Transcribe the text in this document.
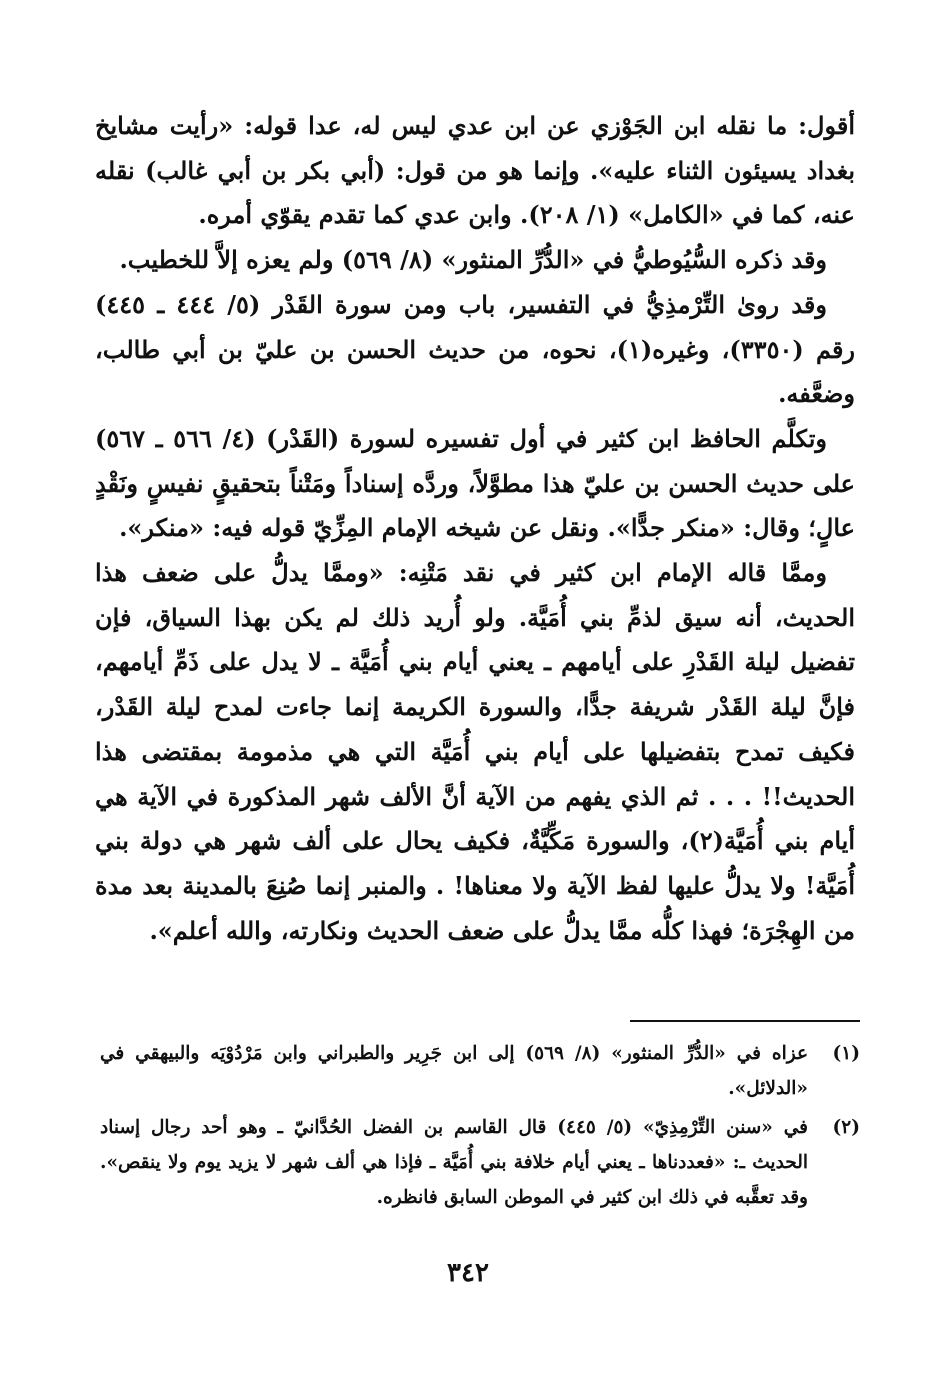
أقول: ما نقله ابن الجَوْزي عن ابن عدي ليس له، عدا قوله: «رأيت مشايخ بغداد يسيئون الثناء عليه». وإنما هو من قول: (أبي بكر بن أبي غالب) نقله عنه، كما في «الكامل» (١/ ٢٠٨). وابن عدي كما تقدم يقوّي أمره.

وقد ذكره السُّيُوطيُّ في «الدُّرِّ المنثور» (٨/ ٥٦٩) ولم يعزه إلاَّ للخطيب.

وقد روىٰ التِّرْمذِيُّ في التفسير، باب ومن سورة القَدْر (٥/ ٤٤٤ ـ ٤٤٥) رقم (٣٣٥٠)، وغيره(١)، نحوه، من حديث الحسن بن عليّ بن أبي طالب، وضعَّفه.

وتكلَّم الحافظ ابن كثير في أول تفسيره لسورة (القَدْر) (٤/ ٥٦٦ ـ ٥٦٧) على حديث الحسن بن عليّ هذا مطوَّلاً، وردَّه إسناداً ومَتْناً بتحقيقٍ نفيسٍ ونَقْدٍ عالٍ؛ وقال: «منكر جدًّا». ونقل عن شيخه الإمام المِزِّيّ قوله فيه: «منكر».

وممَّا قاله الإمام ابن كثير في نقد مَتْنِه: «وممَّا يدلُّ على ضعف هذا الحديث، أنه سيق لذمِّ بني أُمَيَّة. ولو أُريد ذلك لم يكن بهذا السياق، فإن تفضيل ليلة القَدْرِ على أيامهم ـ يعني أيام بني أُمَيَّة ـ لا يدل على ذَمِّ أيامهم، فإنَّ ليلة القَدْر شريفة جدًّا، والسورة الكريمة إنما جاءت لمدح ليلة القَدْر، فكيف تمدح بتفضيلها على أيام بني أُمَيَّة التي هي مذمومة بمقتضى هذا الحديث!! . . . ثم الذي يفهم من الآية أنَّ الألف شهر المذكورة في الآية هي أيام بني أُمَيَّة(٢)، والسورة مَكِّيَّةٌ، فكيف يحال على ألف شهر هي دولة بني أُمَيَّة! ولا يدلُّ عليها لفظ الآية ولا معناها! . والمنبر إنما صُنِعَ بالمدينة بعد مدة من الهِجْرَة؛ فهذا كلُّه ممَّا يدلُّ على ضعف الحديث ونكارته، والله أعلم».

(١)
عزاه في «الدُّرِّ المنثور» (٨/ ٥٦٩) إلى ابن جَرِير والطبراني وابن مَرْدُوْيَه والبيهقي في «الدلائل».
(٢)
في «سنن التِّرْمِذِيّ» (٥/ ٤٤٥) قال القاسم بن الفضل الحُدَّانيّ ـ وهو أحد رجال إسناد الحديث ـ: «فعددناها ـ يعني أيام خلافة بني أُمَيَّة ـ فإذا هي ألف شهر لا يزيد يوم ولا ينقص». وقد تعقَّبه في ذلك ابن كثير في الموطن السابق فانظره.
٣٤٢
